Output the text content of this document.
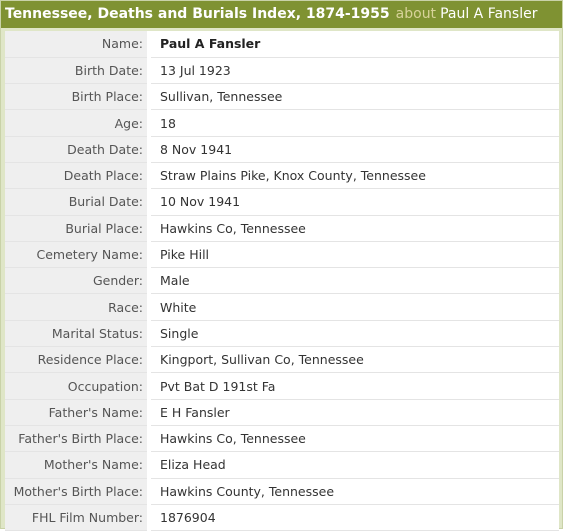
Tennessee, Deaths and Burials Index, 1874-1955 about Paul A Fansler
Name:	Paul A Fansler
Birth Date:	13 Jul 1923
Birth Place:	Sullivan, Tennessee
Age:	18
Death Date:	8 Nov 1941
Death Place:	Straw Plains Pike, Knox County, Tennessee
Burial Date:	10 Nov 1941
Burial Place:	Hawkins Co, Tennessee
Cemetery Name:	Pike Hill
Gender:	Male
Race:	White
Marital Status:	Single
Residence Place:	Kingport, Sullivan Co, Tennessee
Occupation:	Pvt Bat D 191st Fa
Father's Name:	E H Fansler
Father's Birth Place:	Hawkins Co, Tennessee
Mother's Name:	Eliza Head
Mother's Birth Place:	Hawkins County, Tennessee
FHL Film Number:	1876904
